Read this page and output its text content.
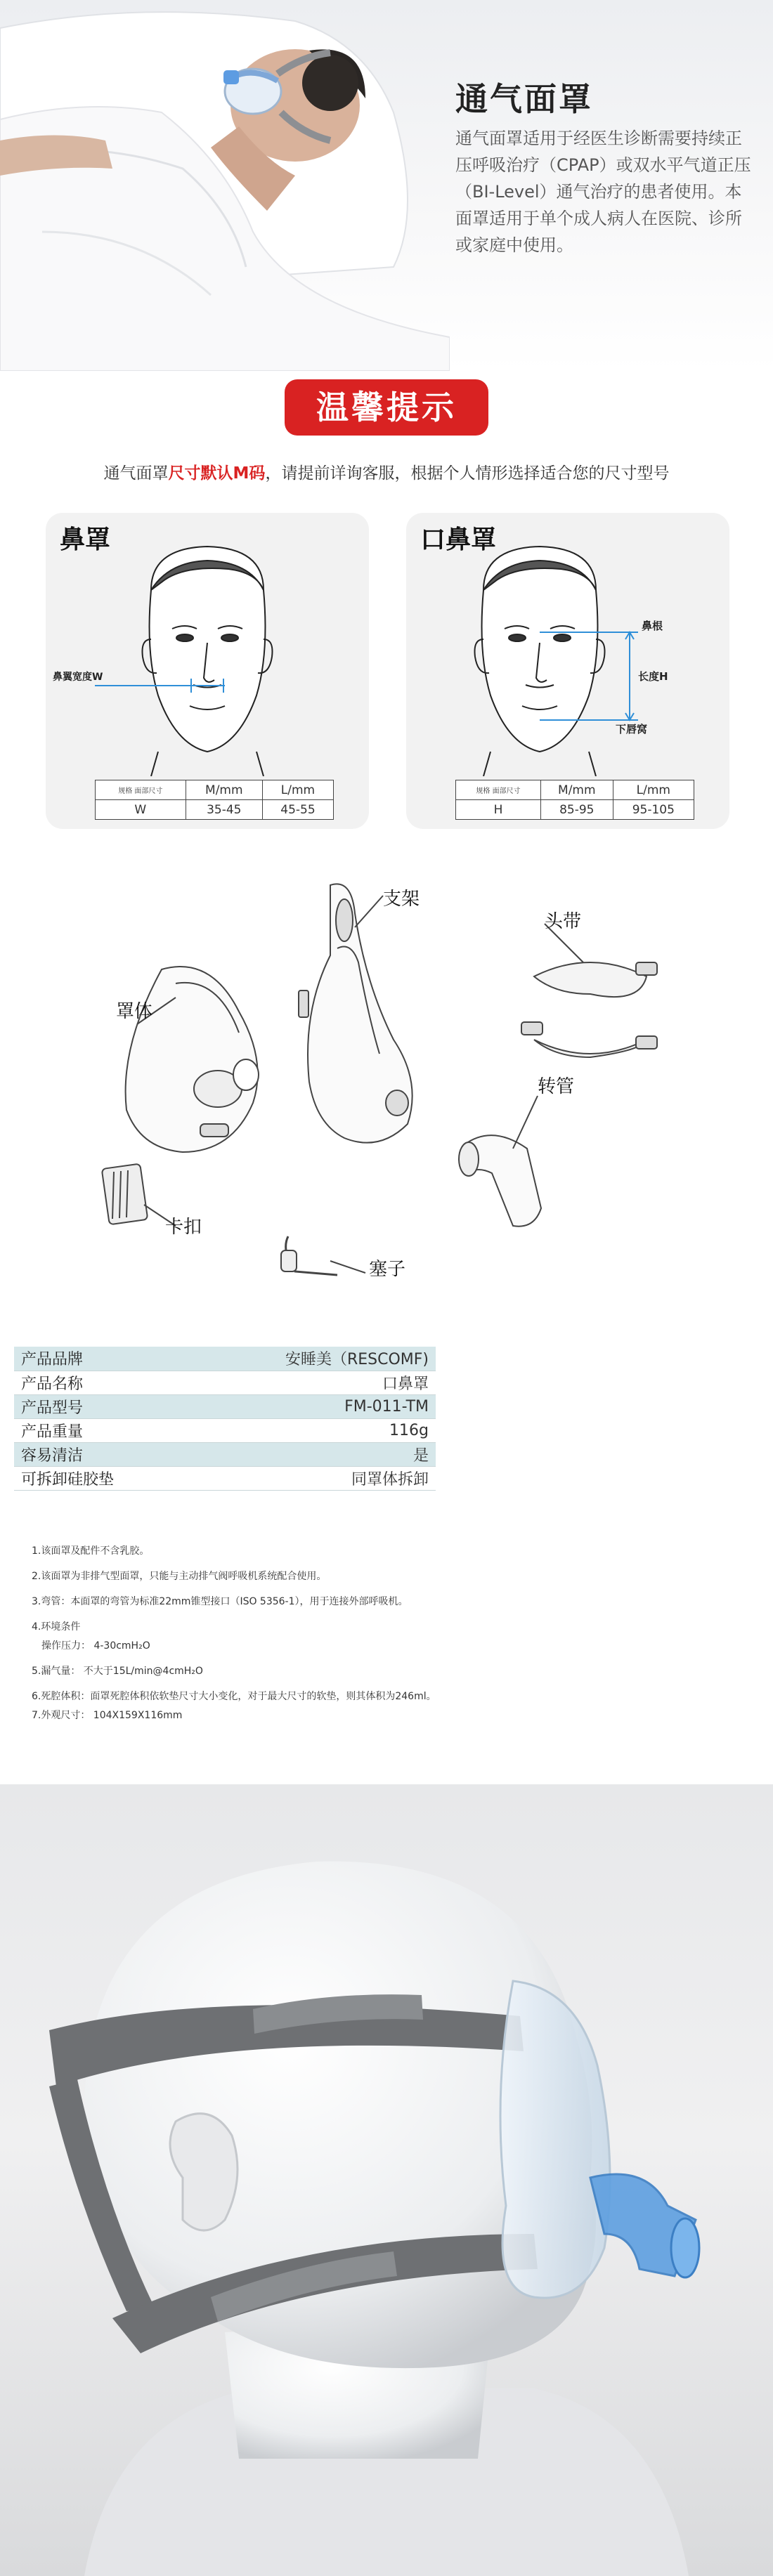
通气面罩
通气面罩适用于经医生诊断需要持续正压呼吸治疗（CPAP）或双水平气道正压（BI-Level）通气治疗的患者使用。本面罩适用于单个成人病人在医院、诊所或家庭中使用。
温馨提示
通气面罩尺寸默认M码，请提前详询客服，根据个人情形选择适合您的尺寸型号
鼻罩
鼻翼宽度W
规格 面部尺寸	M/mm	L/mm
W	35-45	45-55
口鼻罩
鼻根
长度H
下唇窝
规格 面部尺寸	M/mm	L/mm
H	85-95	95-105
罩体
卡扣
支架
头带
转管
塞子
产品品牌	安睡美（RESCOMF)
产品名称	口鼻罩
产品型号	FM-011-TM
产品重量	116g
容易清洁	是
可拆卸硅胶垫	同罩体拆卸

1.该面罩及配件不含乳胶。

2.该面罩为非排气型面罩，只能与主动排气阀呼吸机系统配合使用。

3.弯管：本面罩的弯管为标准22mm锥型接口（ISO 5356-1），用于连接外部呼吸机。

4.环境条件

操作压力： 4-30cmH₂O

5.漏气量： 不大于15L/min@4cmH₂O

6.死腔体积：面罩死腔体积依软垫尺寸大小变化，对于最大尺寸的软垫，则其体积为246ml。

7.外观尺寸： 104X159X116mm
